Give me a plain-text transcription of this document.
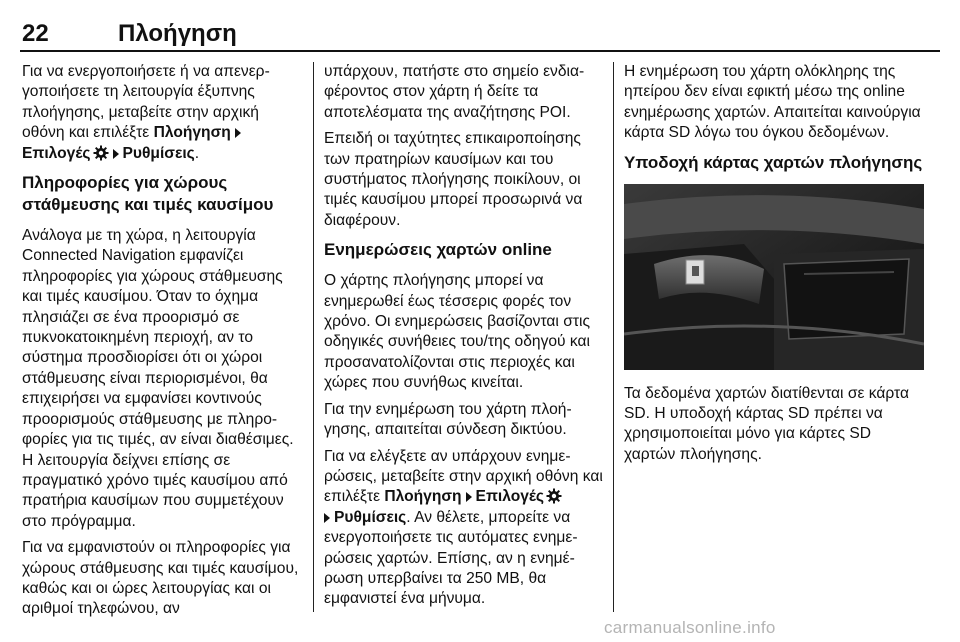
22	Πλοήγηση

Για να ενεργοποιήσετε ή να απενεργοποιήσετε τη λειτουργία έξυπνης πλοήγησης, μεταβείτε στην αρχική οθόνη και επιλέξτε ΠλοήγησηΕπιλογές Ρυθμίσεις.

Πληροφορίες για χώρους στάθμευσης και τιμές καυσίμου

Ανάλογα με τη χώρα, η λειτουργία Connected Navigation εμφανίζει πληροφορίες για χώρους στάθμευσης και τιμές καυσίμου. Όταν το όχημα πλησιάζει σε ένα προορισμό σε πυκνοκατοικημένη περιοχή, αν το σύστημα προσδιορίσει ότι οι χώροι στάθμευσης είναι περιορισμένοι, θα επιχειρήσει να εμφανίσει κοντινούς προορισμούς στάθμευσης με πληροφορίες για τις τιμές, αν είναι διαθέσιμες. Η λειτουργία δείχνει επίσης σε πραγματικό χρόνο τιμές καυσίμου από πρατήρια καυσίμων που συμμετέχουν στο πρόγραμμα.

Για να εμφανιστούν οι πληροφορίες για χώρους στάθμευσης και τιμές καυσίμου, καθώς και οι ώρες λειτουργίας και οι αριθμοί τηλεφώνου, αν

υπάρχουν, πατήστε στο σημείο ενδιαφέροντος στον χάρτη ή δείτε τα αποτελέσματα της αναζήτησης POI.

Επειδή οι ταχύτητες επικαιροποίησης των πρατηρίων καυσίμων και του συστήματος πλοήγησης ποικίλουν, οι τιμές καυσίμου μπορεί προσωρινά να διαφέρουν.

Ενημερώσεις χαρτών online

Ο χάρτης πλοήγησης μπορεί να ενημερωθεί έως τέσσερις φορές τον χρόνο. Οι ενημερώσεις βασίζονται στις οδηγικές συνήθειες του/της οδηγού και προσανατολίζονται στις περιοχές και χώρες που συνήθως κινείται.

Για την ενημέρωση του χάρτη πλοήγησης, απαιτείται σύνδεση δικτύου.

Για να ελέγξετε αν υπάρχουν ενημερώσεις, μεταβείτε στην αρχική οθόνη και επιλέξτε Πλοήγηση Επιλογές
Ρυθμίσεις. Αν θέλετε, μπορείτε να ενεργοποιήσετε τις αυτόματες ενημερώσεις χαρτών. Επίσης, αν η ενημέρωση υπερβαίνει τα 250 MB, θα εμφανιστεί ένα μήνυμα.

Η ενημέρωση του χάρτη ολόκληρης της ηπείρου δεν είναι εφικτή μέσω της online ενημέρωσης χαρτών. Απαιτείται καινούργια κάρτα SD λόγω του όγκου δεδομένων.

Υποδοχή κάρτας χαρτών πλοήγησης

Τα δεδομένα χαρτών διατίθενται σε κάρτα SD. Η υποδοχή κάρτας SD πρέπει να χρησιμοποιείται μόνο για κάρτες SD χαρτών πλοήγησης.

carmanualsonline.info
